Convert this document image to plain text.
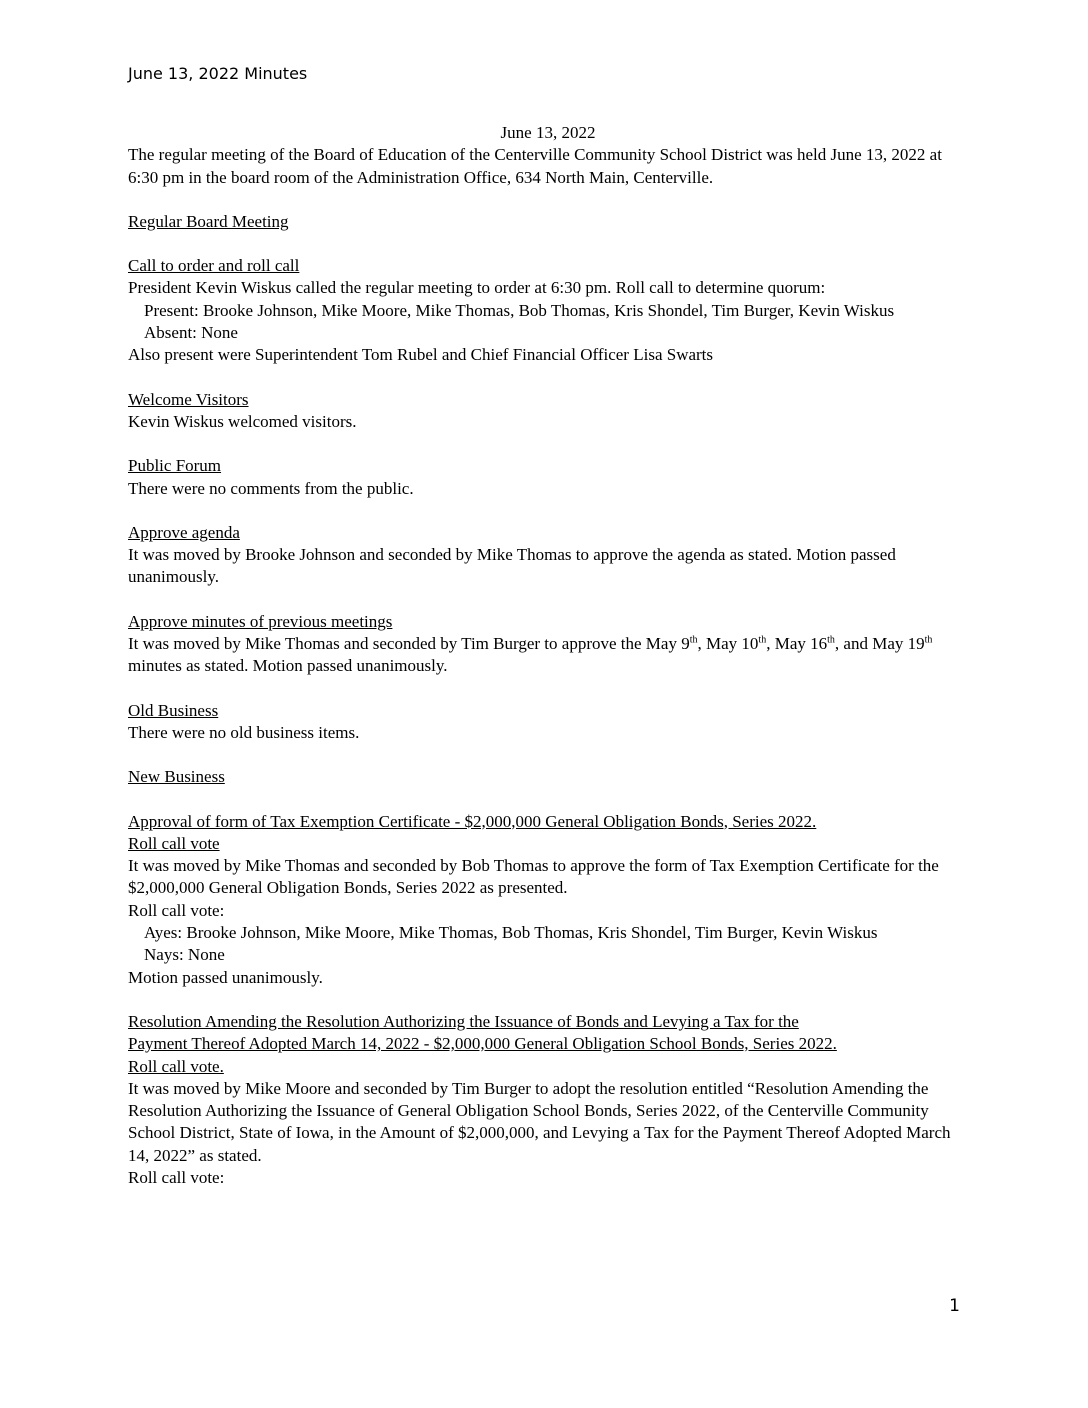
June 13, 2022 Minutes

June 13, 2022

The regular meeting of the Board of Education of the Centerville Community School District was held June 13, 2022 at 6:30 pm in the board room of the Administration Office, 634 North Main, Centerville.

Regular Board Meeting

Call to order and roll call

President Kevin Wiskus called the regular meeting to order at 6:30 pm. Roll call to determine quorum:

Present: Brooke Johnson, Mike Moore, Mike Thomas, Bob Thomas, Kris Shondel, Tim Burger, Kevin Wiskus

Absent: None

Also present were Superintendent Tom Rubel and Chief Financial Officer Lisa Swarts

Welcome Visitors

Kevin Wiskus welcomed visitors.

Public Forum

There were no comments from the public.

Approve agenda

It was moved by Brooke Johnson and seconded by Mike Thomas to approve the agenda as stated. Motion passed unanimously.

Approve minutes of previous meetings

It was moved by Mike Thomas and seconded by Tim Burger to approve the May 9th, May 10th, May 16th, and May 19th minutes as stated. Motion passed unanimously.

Old Business

There were no old business items.

New Business

Approval of form of Tax Exemption Certificate - $2,000,000 General Obligation Bonds, Series 2022.

Roll call vote

It was moved by Mike Thomas and seconded by Bob Thomas to approve the form of Tax Exemption Certificate for the $2,000,000 General Obligation Bonds, Series 2022 as presented.

Roll call vote:

Ayes: Brooke Johnson, Mike Moore, Mike Thomas, Bob Thomas, Kris Shondel, Tim Burger, Kevin Wiskus

Nays: None

Motion passed unanimously.

Resolution Amending the Resolution Authorizing the Issuance of Bonds and Levying a Tax for the

Payment Thereof Adopted March 14, 2022 - $2,000,000 General Obligation School Bonds, Series 2022.

Roll call vote.

It was moved by Mike Moore and seconded by Tim Burger to adopt the resolution entitled “Resolution Amending the Resolution Authorizing the Issuance of General Obligation School Bonds, Series 2022, of the Centerville Community School District, State of Iowa, in the Amount of $2,000,000, and Levying a Tax for the Payment Thereof Adopted March 14, 2022” as stated.

Roll call vote:

1
